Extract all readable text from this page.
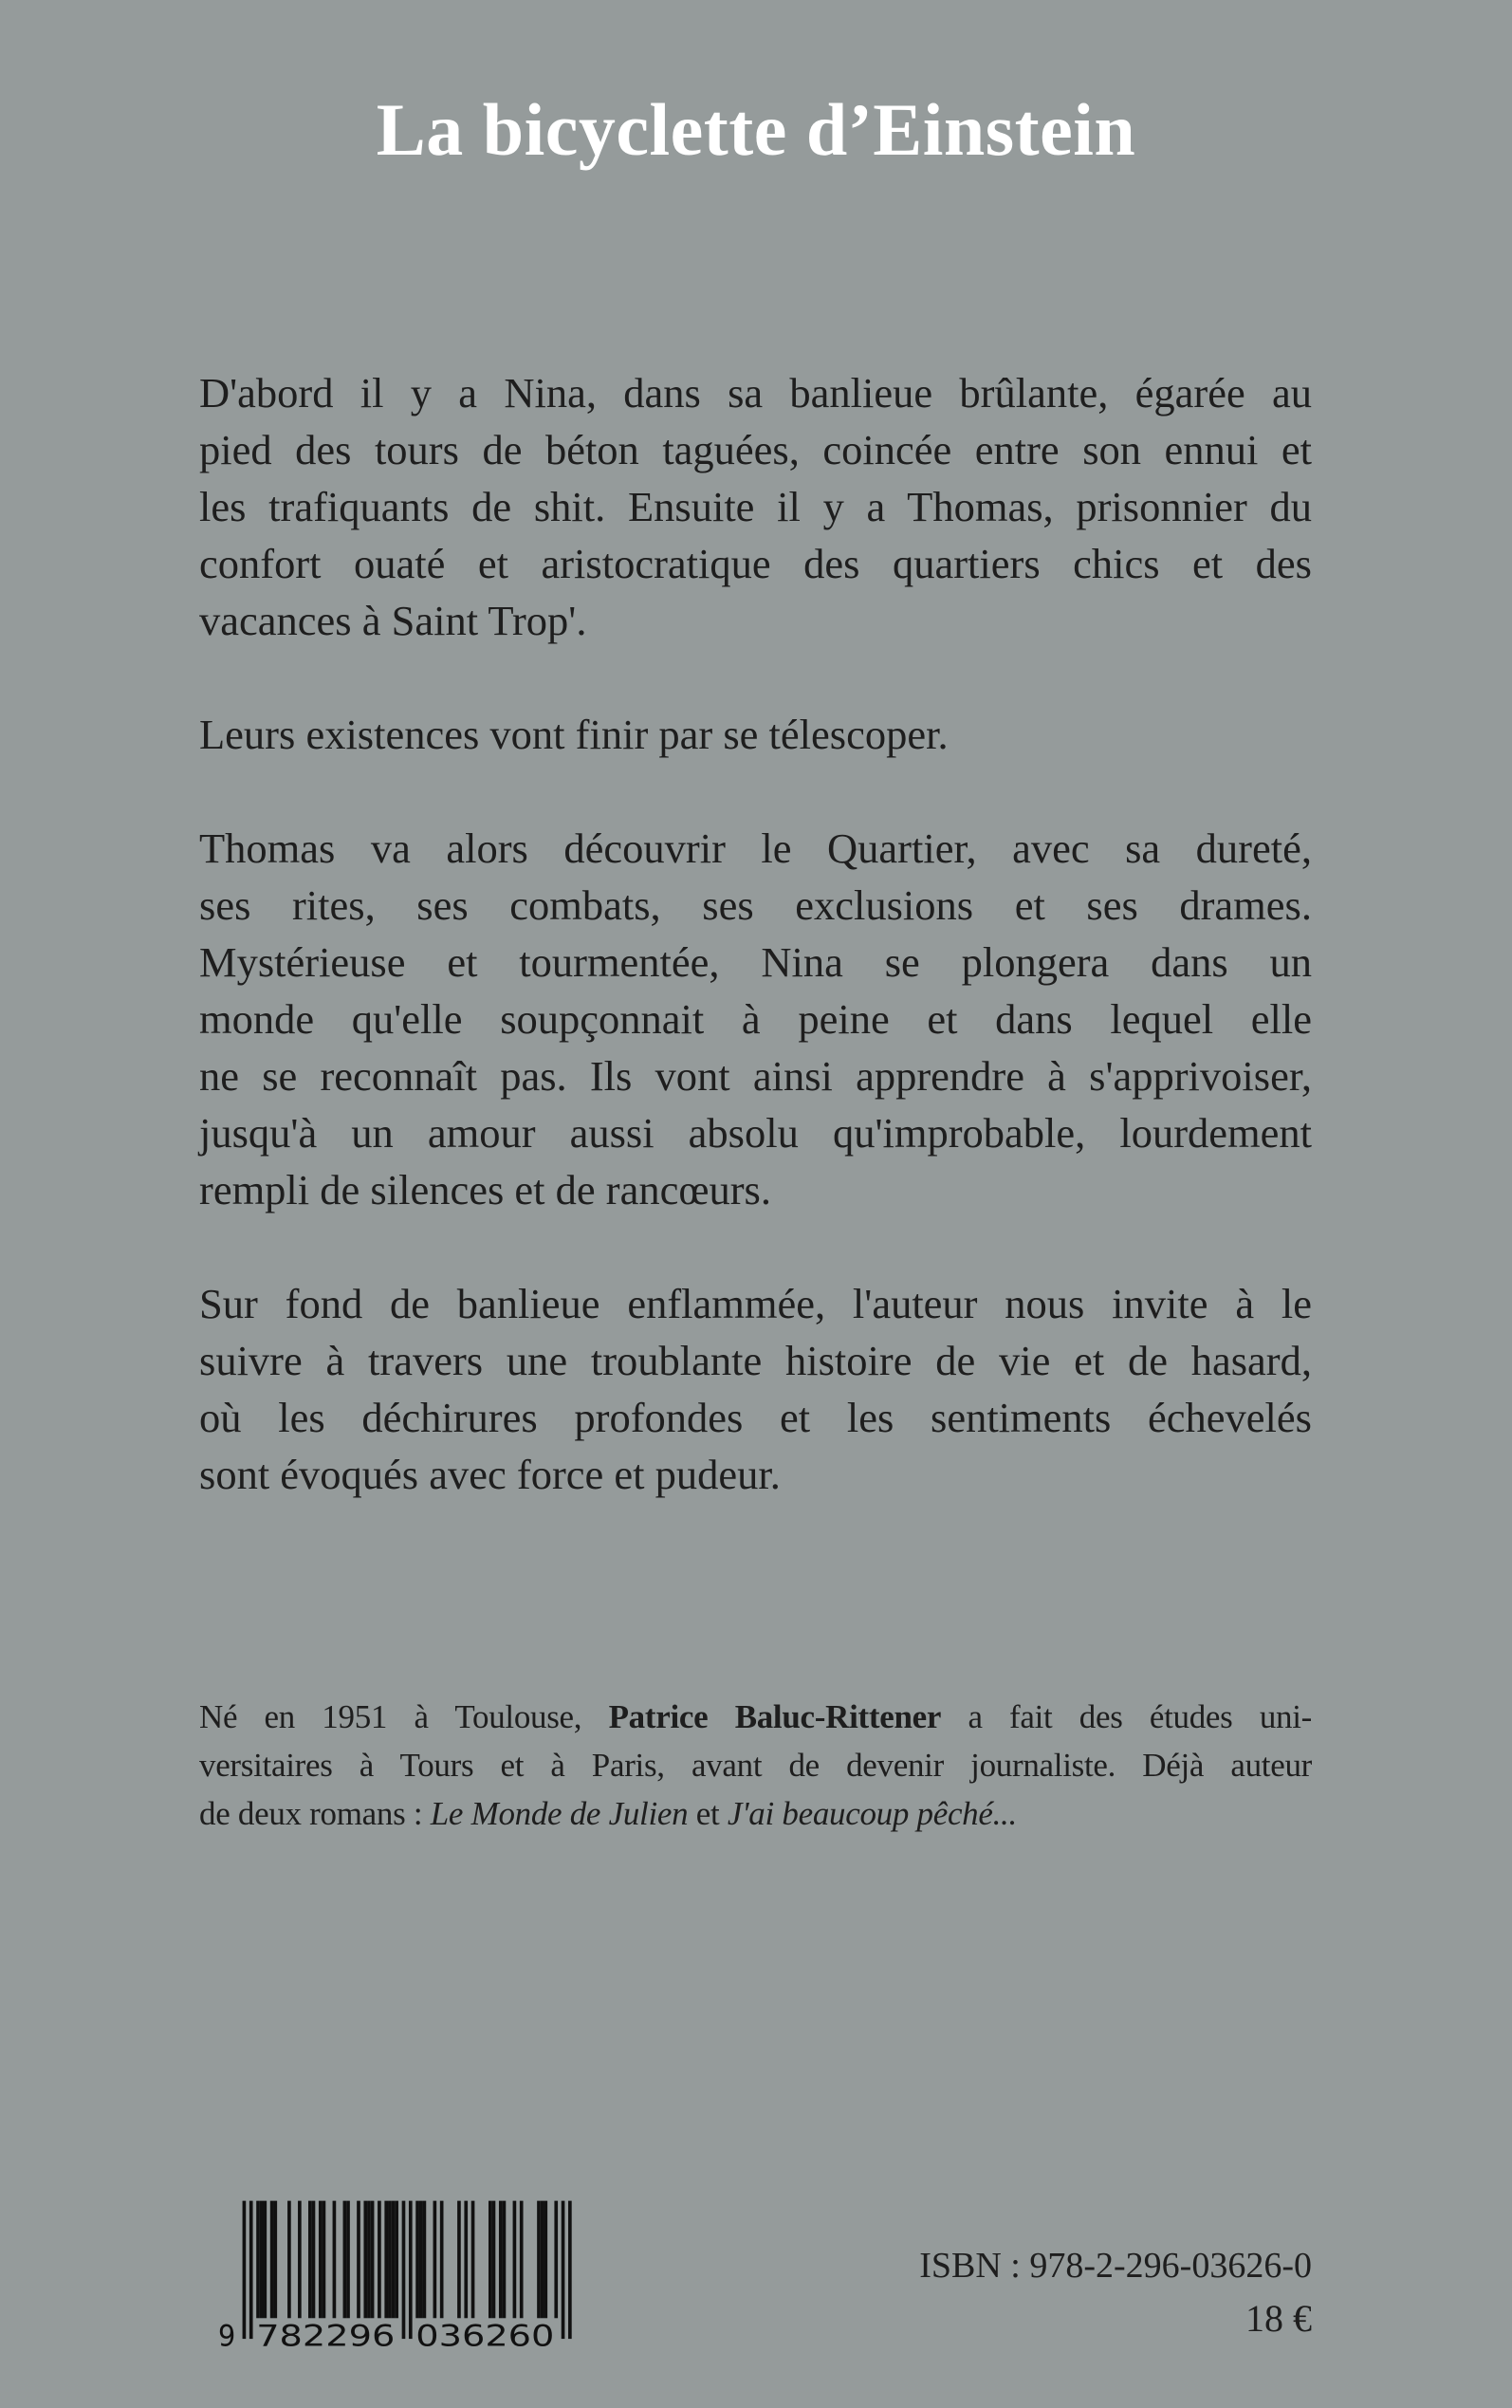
La bicyclette d’Einstein
D'abord il y a Nina, dans sa banlieue brûlante, égarée au
pied des tours de béton taguées, coincée entre son ennui et
les trafiquants de shit. Ensuite il y a Thomas, prisonnier du
confort ouaté et aristocratique des quartiers chics et des
vacances à Saint Trop'.
Leurs existences vont finir par se télescoper.
Thomas va alors découvrir le Quartier, avec sa dureté,
ses rites, ses combats, ses exclusions et ses drames.
Mystérieuse et tourmentée, Nina se plongera dans un
monde qu'elle soupçonnait à peine et dans lequel elle
ne se reconnaît pas. Ils vont ainsi apprendre à s'apprivoiser,
jusqu'à un amour aussi absolu qu'improbable, lourdement
rempli de silences et de rancœurs.
Sur fond de banlieue enflammée, l'auteur nous invite à le
suivre à travers une troublante histoire de vie et de hasard,
où les déchirures profondes et les sentiments échevelés
sont évoqués avec force et pudeur.
Né en 1951 à Toulouse, Patrice Baluc-Rittener a fait des études uni-
versitaires à Tours et à Paris, avant de devenir journaliste. Déjà auteur
de deux romans : Le Monde de Julien et J'ai beaucoup pêché...
9	782296	036260
ISBN : 978-2-296-03626-0
18 €
